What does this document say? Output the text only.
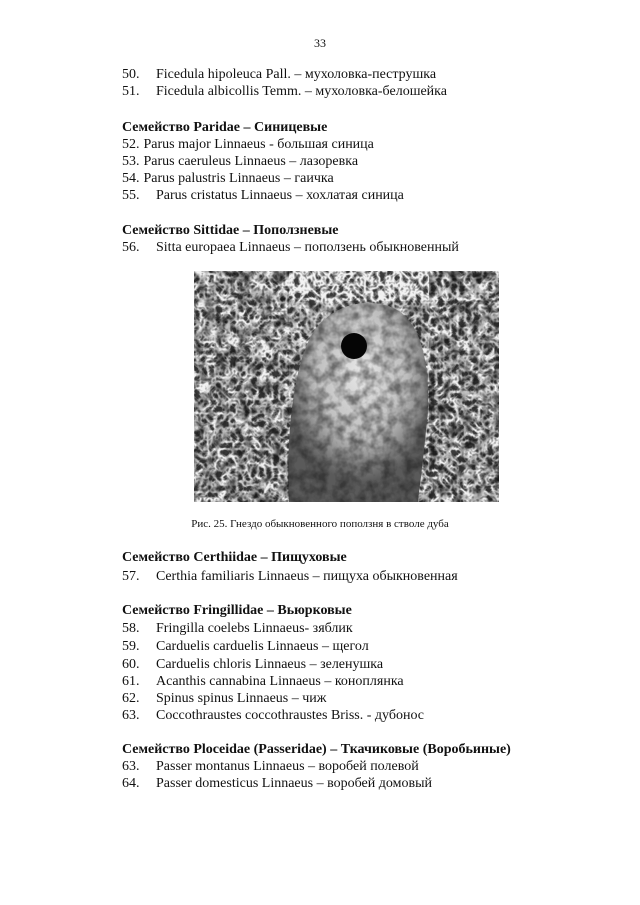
33
50. Ficedula hipoleuca Pall. – мухоловка-пеструшка
51. Ficedula albicollis Temm. – мухоловка-белошейка
Семейство Paridae – Синицевые
52. Parus major Linnaeus - большая синица
53. Parus caeruleus Linnaeus – лазоревка
54. Parus palustris Linnaeus – гаичка
55. Parus cristatus Linnaeus – хохлатая синица
Семейство Sittidae – Поползневые
56. Sitta europaea Linnaeus – поползень обыкновенный
Рис. 25. Гнездо обыкновенного поползня в стволе дуба
Семейство Certhiidae – Пищуховые
57. Certhia familiaris Linnaeus – пищуха обыкновенная
Семейство Fringillidae – Вьюрковые
58. Fringilla coelebs Linnaeus- зяблик
59. Carduelis carduelis Linnaeus – щегол
60. Carduelis chloris Linnaeus – зеленушка
61. Acanthis cannabina Linnaeus – коноплянка
62. Spinus spinus Linnaeus – чиж
63. Coccothraustes coccothraustes Briss. - дубонос
Семейство Ploceidae (Passeridae) – Ткачиковые (Воробьиные)
63. Passer montanus Linnaeus – воробей полевой
64. Passer domesticus Linnaeus – воробей домовый
